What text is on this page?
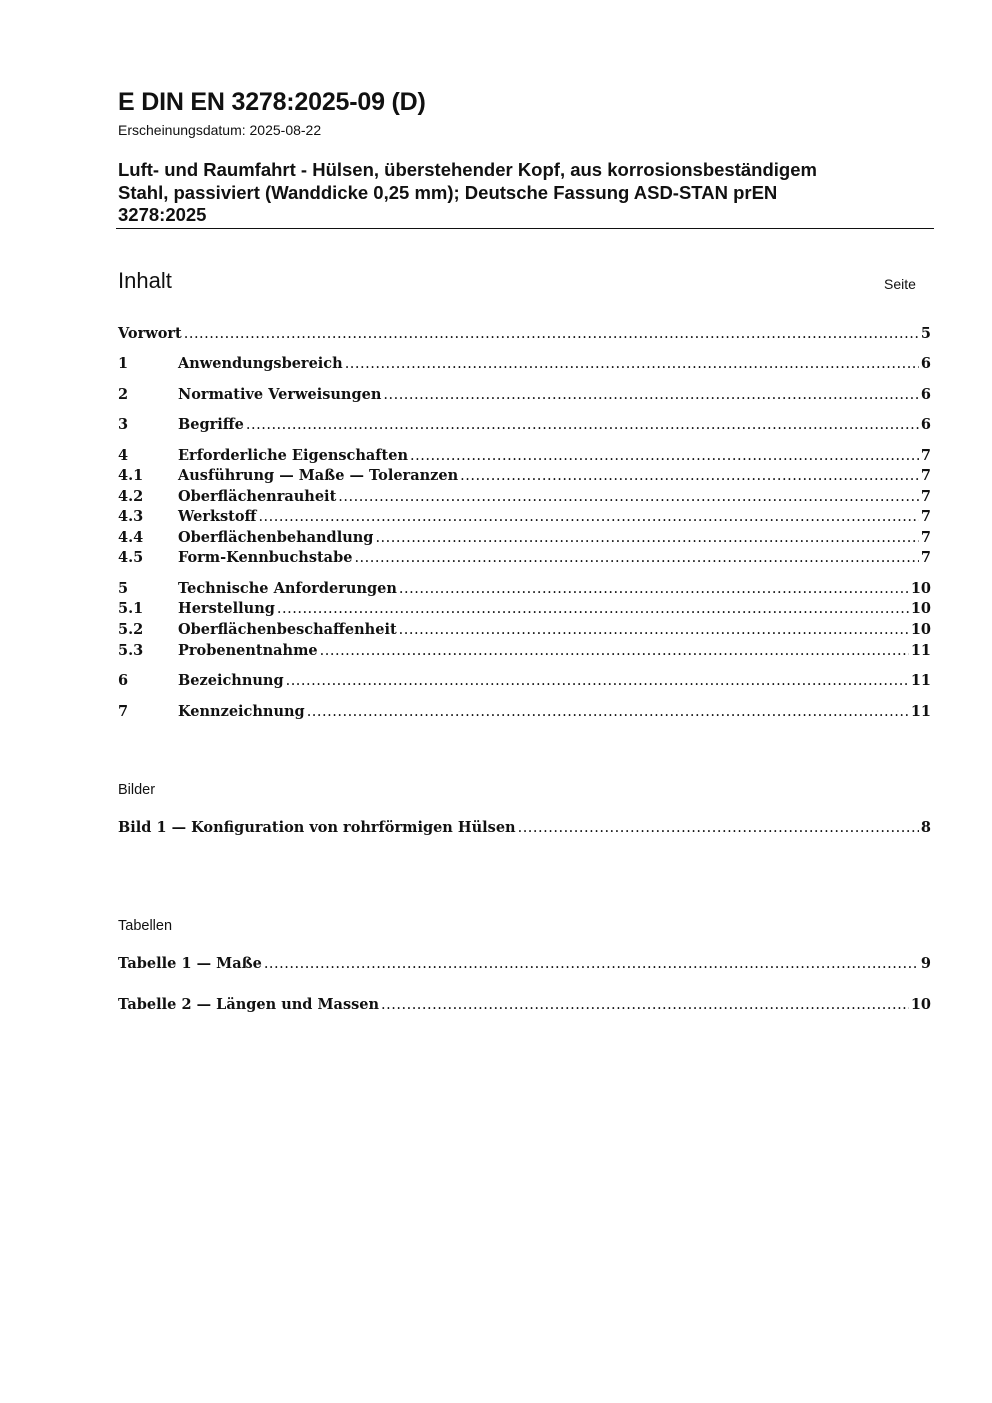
E DIN EN 3278:2025-09 (D)
Erscheinungsdatum: 2025-08-22
Luft- und Raumfahrt - Hülsen, überstehender Kopf, aus korrosionsbeständigem
Stahl, passiviert (Wanddicke 0,25 mm); Deutsche Fassung ASD-STAN prEN
3278:2025
Inhalt	Seite
Vorwort .....	5
1	Anwendungsbereich .....	6
2	Normative Verweisungen .....	6
3	Begriffe .....	6
4	Erforderliche Eigenschaften .....	7
4.1	Ausführung — Maße — Toleranzen .....	7
4.2	Oberflächenrauheit .....	7
4.3	Werkstoff .....	7
4.4	Oberflächenbehandlung .....	7
4.5	Form-Kennbuchstabe .....	7
5	Technische Anforderungen .....	10
5.1	Herstellung .....	10
5.2	Oberflächenbeschaffenheit .....	10
5.3	Probenentnahme .....	11
6	Bezeichnung .....	11
7	Kennzeichnung .....	11
Bilder
Bild 1 — Konfiguration von rohrförmigen Hülsen .....	8
Tabellen
Tabelle 1 — Maße .....	9
Tabelle 2 — Längen und Massen .....	10
